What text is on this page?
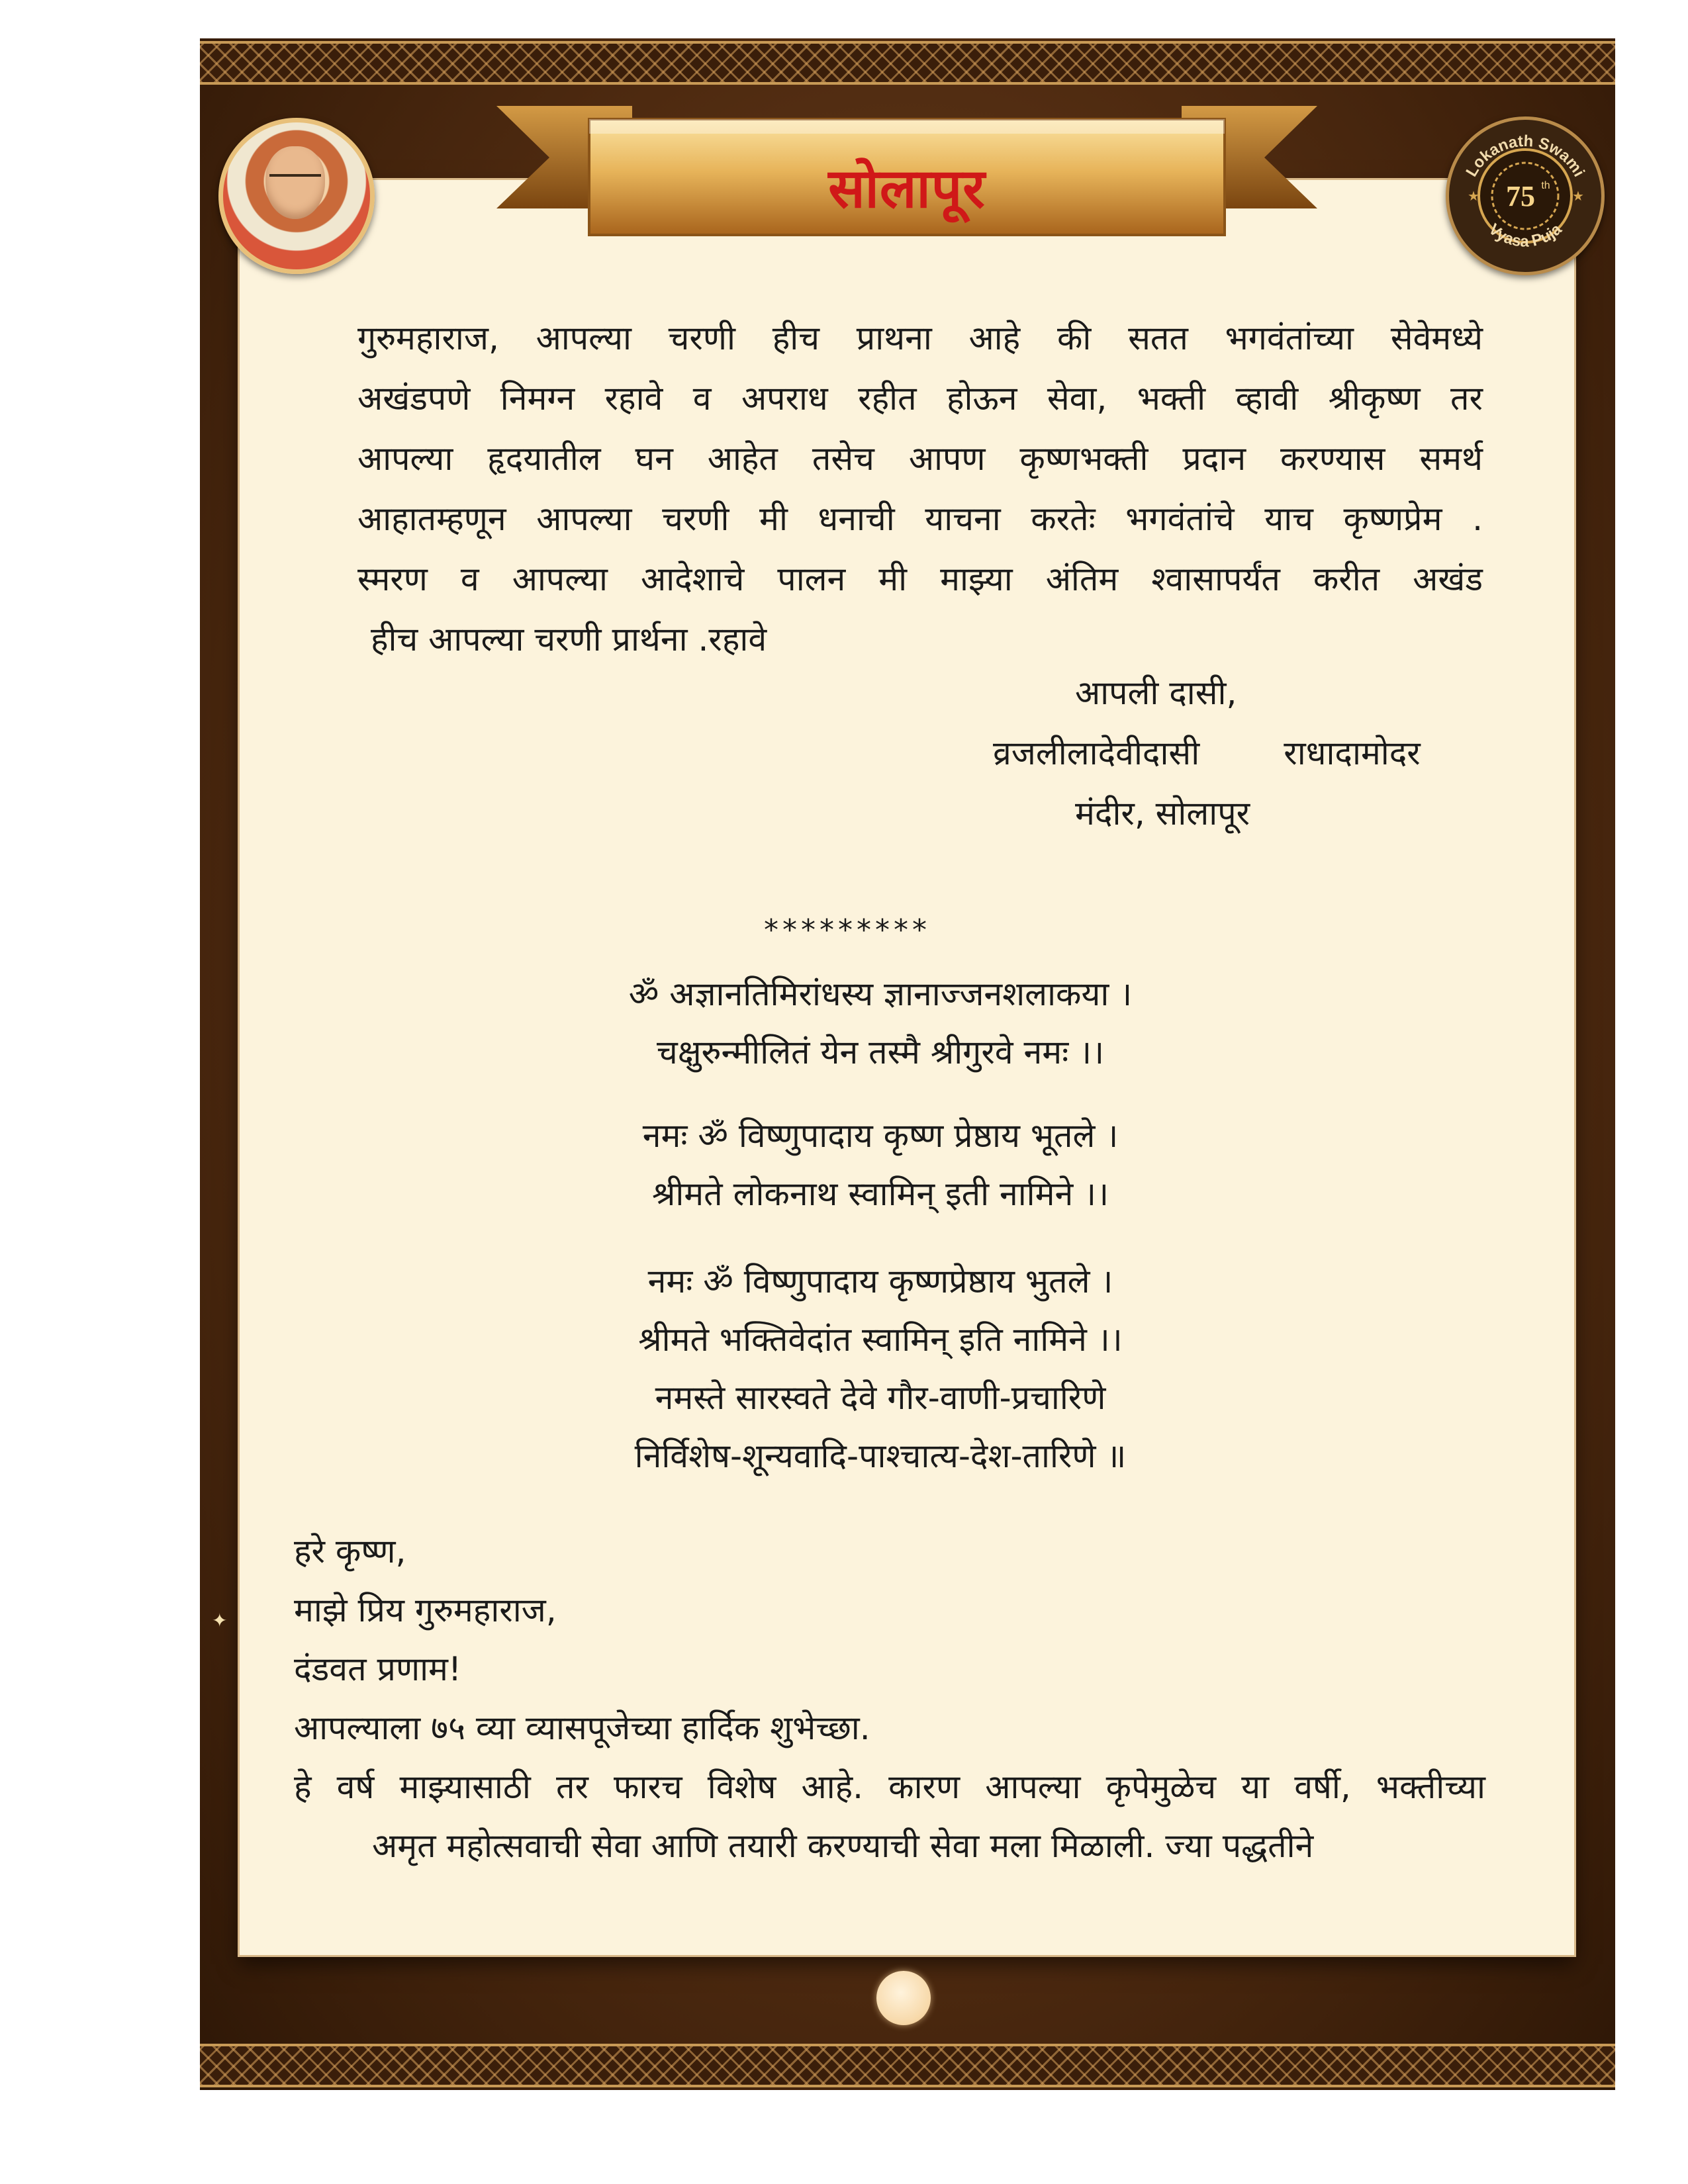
✦
सोलापूर	Lokanath Swami
Vyasa Puja
75 th
★	★

गुरुमहाराज, आपल्या चरणी हीच प्राथना आहे की सतत भगवंतांच्या सेवेमध्ये

अखंडपणे निमग्न रहावे व अपराध रहीत होऊन सेवा, भक्ती व्हावी श्रीकृष्ण तर

आपल्या हृदयातील घन आहेत तसेच आपण कृष्णभक्ती प्रदान करण्यास समर्थ

आहातम्हणून आपल्या चरणी मी धनाची याचना करतेः भगवंतांचे याच कृष्णप्रेम .

स्मरण व आपल्या आदेशाचे पालन मी माझ्या अंतिम श्वासापर्यंत करीत अखंड

हीच आपल्या चरणी प्रार्थना .रहावे

आपली दासी,

व्रजलीलादेवीदासी        राधादामोदर

मंदीर, सोलापूर

*********

ॐ अज्ञानतिमिरांधस्य ज्ञानाज्जनशलाकया ।

चक्षुरुन्मीलितं येन तस्मै श्रीगुरवे नमः ।।

नमः ॐ विष्णुपादाय कृष्ण प्रेष्ठाय भूतले ।

श्रीमते लोकनाथ स्वामिन् इती नामिने ।।

नमः ॐ विष्णुपादाय कृष्णप्रेष्ठाय भुतले ।

श्रीमते भक्तिवेदांत स्वामिन् इति नामिने ।।

नमस्ते सारस्वते देवे गौर-वाणी-प्रचारिणे

निर्विशेष-शून्यवादि-पाश्चात्य-देश-तारिणे ॥

हरे कृष्ण,

माझे प्रिय गुरुमहाराज,

दंडवत प्रणाम!

आपल्याला ७५ व्या व्यासपूजेच्या हार्दिक शुभेच्छा.

हे वर्ष माझ्यासाठी तर फारच विशेष आहे. कारण आपल्या कृपेमुळेच या वर्षी, भक्तीच्या

अमृत महोत्सवाची सेवा आणि तयारी करण्याची सेवा मला मिळाली. ज्या पद्धतीने
